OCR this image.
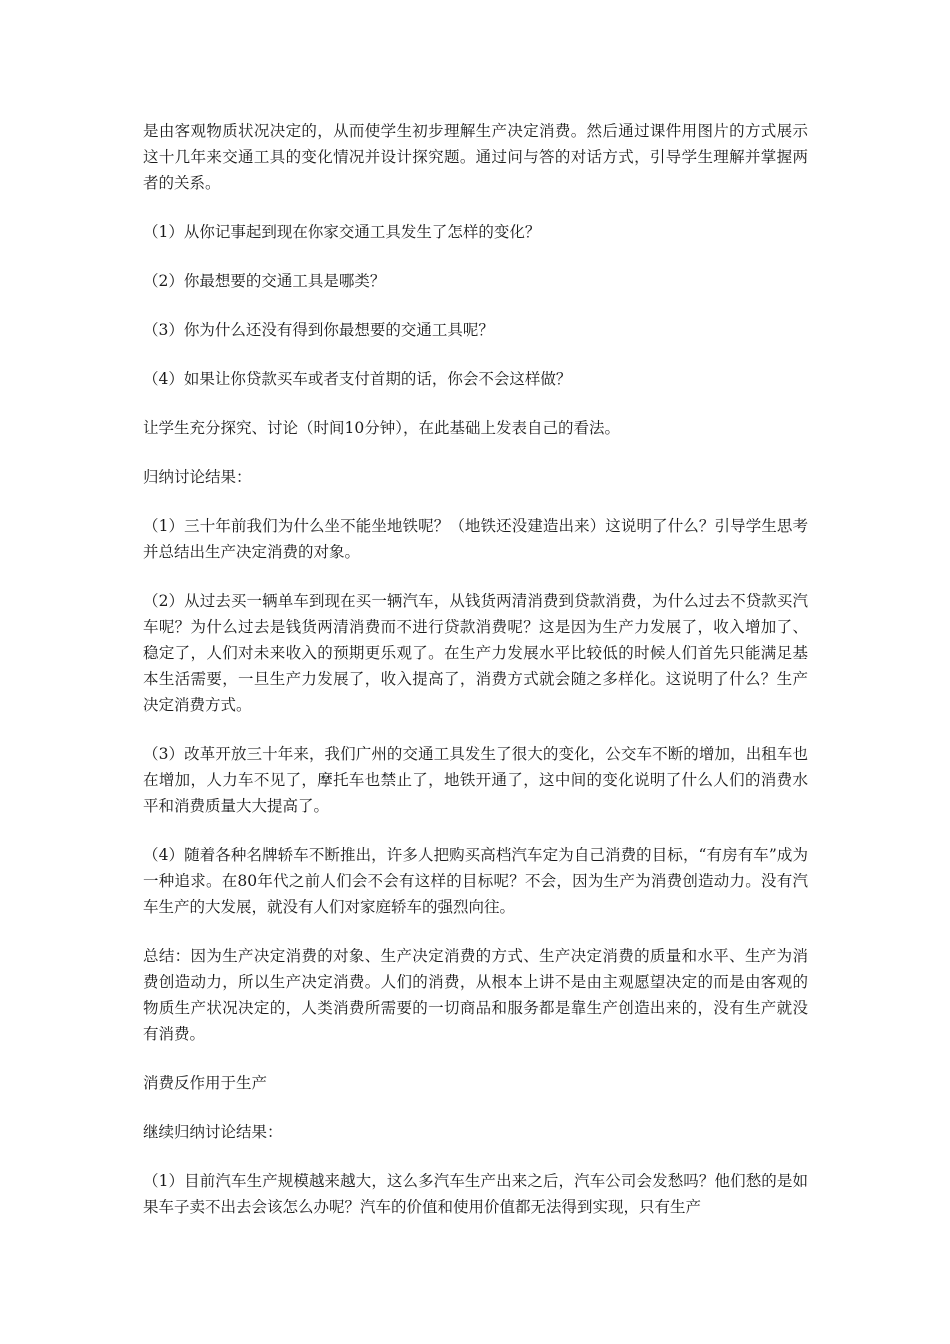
是由客观物质状况决定的，从而使学生初步理解生产决定消费。然后通过课件用图片的方式展示这十几年来交通工具的变化情况并设计探究题。通过问与答的对话方式，引导学生理解并掌握两者的关系。

（1）从你记事起到现在你家交通工具发生了怎样的变化？

（2）你最想要的交通工具是哪类？

（3）你为什么还没有得到你最想要的交通工具呢？

（4）如果让你贷款买车或者支付首期的话，你会不会这样做？

让学生充分探究、讨论（时间10分钟），在此基础上发表自己的看法。

归纳讨论结果：

（1）三十年前我们为什么坐不能坐地铁呢？（地铁还没建造出来）这说明了什么？引导学生思考并总结出生产决定消费的对象。

（2）从过去买一辆单车到现在买一辆汽车，从钱货两清消费到贷款消费，为什么过去不贷款买汽车呢？为什么过去是钱货两清消费而不进行贷款消费呢？这是因为生产力发展了，收入增加了、稳定了，人们对未来收入的预期更乐观了。在生产力发展水平比较低的时候人们首先只能满足基本生活需要，一旦生产力发展了，收入提高了，消费方式就会随之多样化。这说明了什么？生产决定消费方式。

（3）改革开放三十年来，我们广州的交通工具发生了很大的变化，公交车不断的增加，出租车也在增加，人力车不见了，摩托车也禁止了，地铁开通了，这中间的变化说明了什么人们的消费水平和消费质量大大提高了。

（4）随着各种名牌轿车不断推出，许多人把购买高档汽车定为自己消费的目标，“有房有车”成为一种追求。在80年代之前人们会不会有这样的目标呢？不会，因为生产为消费创造动力。没有汽车生产的大发展，就没有人们对家庭轿车的强烈向往。

总结：因为生产决定消费的对象、生产决定消费的方式、生产决定消费的质量和水平、生产为消费创造动力，所以生产决定消费。人们的消费，从根本上讲不是由主观愿望决定的而是由客观的物质生产状况决定的，人类消费所需要的一切商品和服务都是靠生产创造出来的，没有生产就没有消费。

消费反作用于生产

继续归纳讨论结果：

（1）目前汽车生产规模越来越大，这么多汽车生产出来之后，汽车公司会发愁吗？他们愁的是如果车子卖不出去会该怎么办呢？汽车的价值和使用价值都无法得到实现，只有生产
